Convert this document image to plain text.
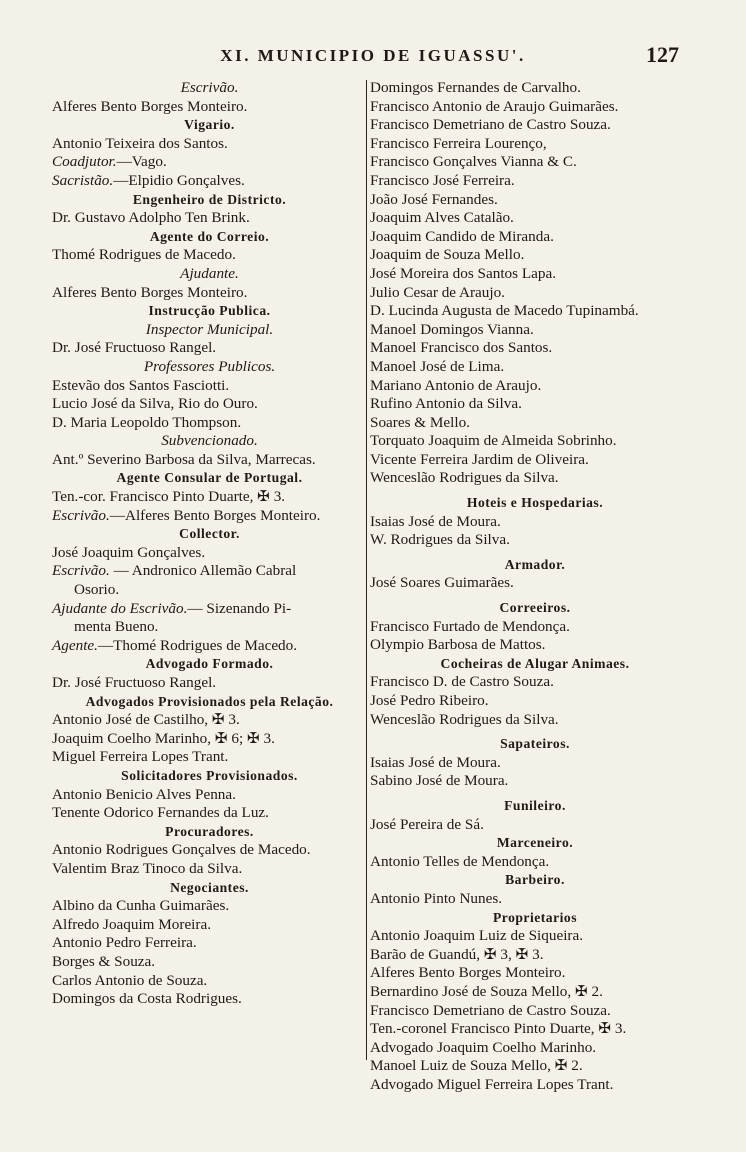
XI. MUNICIPIO DE IGUASSU'.	127
Escrivão.
Alferes Bento Borges Monteiro.
Vigario.
Antonio Teixeira dos Santos.
Coadjutor.—Vago.
Sacristão.—Elpidio Gonçalves.
Engenheiro de Districto.
Dr. Gustavo Adolpho Ten Brink.
Agente do Correio.
Thomé Rodrigues de Macedo.
Ajudante.
Alferes Bento Borges Monteiro.
Instrucção Publica.
Inspector Municipal.
Dr. José Fructuoso Rangel.
Professores Publicos.
Estevão dos Santos Fasciotti.
Lucio José da Silva, Rio do Ouro.
D. Maria Leopoldo Thompson.
Subvencionado.
Ant.º Severino Barbosa da Silva, Marrecas.
Agente Consular de Portugal.
Ten.-cor. Francisco Pinto Duarte, ✠ 3.
Escrivão.—Alferes Bento Borges Monteiro.
Collector.
José Joaquim Gonçalves.
Escrivão. — Andronico Allemão Cabral
Osorio.
Ajudante do Escrivão.— Sizenando Pi-
menta Bueno.
Agente.—Thomé Rodrigues de Macedo.
Advogado Formado.
Dr. José Fructuoso Rangel.
Advogados Provisionados pela Relação.
Antonio José de Castilho, ✠ 3.
Joaquim Coelho Marinho, ✠ 6; ✠ 3.
Miguel Ferreira Lopes Trant.
Solicitadores Provisionados.
Antonio Benicio Alves Penna.
Tenente Odorico Fernandes da Luz.
Procuradores.
Antonio Rodrigues Gonçalves de Macedo.
Valentim Braz Tinoco da Silva.
Negociantes.
Albino da Cunha Guimarães.
Alfredo Joaquim Moreira.
Antonio Pedro Ferreira.
Borges & Souza.
Carlos Antonio de Souza.
Domingos da Costa Rodrigues.
Domingos Fernandes de Carvalho.
Francisco Antonio de Araujo Guimarães.
Francisco Demetriano de Castro Souza.
Francisco Ferreira Lourenço,
Francisco Gonçalves Vianna & C.
Francisco José Ferreira.
João José Fernandes.
Joaquim Alves Catalão.
Joaquim Candido de Miranda.
Joaquim de Souza Mello.
José Moreira dos Santos Lapa.
Julio Cesar de Araujo.
D. Lucinda Augusta de Macedo Tupinambá.
Manoel Domingos Vianna.
Manoel Francisco dos Santos.
Manoel José de Lima.
Mariano Antonio de Araujo.
Rufino Antonio da Silva.
Soares & Mello.
Torquato Joaquim de Almeida Sobrinho.
Vicente Ferreira Jardim de Oliveira.
Wenceslão Rodrigues da Silva.
Hoteis e Hospedarias.
Isaias José de Moura.
W. Rodrigues da Silva.
Armador.
José Soares Guimarães.
Correeiros.
Francisco Furtado de Mendonça.
Olympio Barbosa de Mattos.
Cocheiras de Alugar Animaes.
Francisco D. de Castro Souza.
José Pedro Ribeiro.
Wenceslão Rodrigues da Silva.
Sapateiros.
Isaias José de Moura.
Sabino José de Moura.
Funileiro.
José Pereira de Sá.
Marceneiro.
Antonio Telles de Mendonça.
Barbeiro.
Antonio Pinto Nunes.
Proprietarios
Antonio Joaquim Luiz de Siqueira.
Barão de Guandú, ✠ 3, ✠ 3.
Alferes Bento Borges Monteiro.
Bernardino José de Souza Mello, ✠ 2.
Francisco Demetriano de Castro Souza.
Ten.-coronel Francisco Pinto Duarte, ✠ 3.
Advogado Joaquim Coelho Marinho.
Manoel Luiz de Souza Mello, ✠ 2.
Advogado Miguel Ferreira Lopes Trant.
